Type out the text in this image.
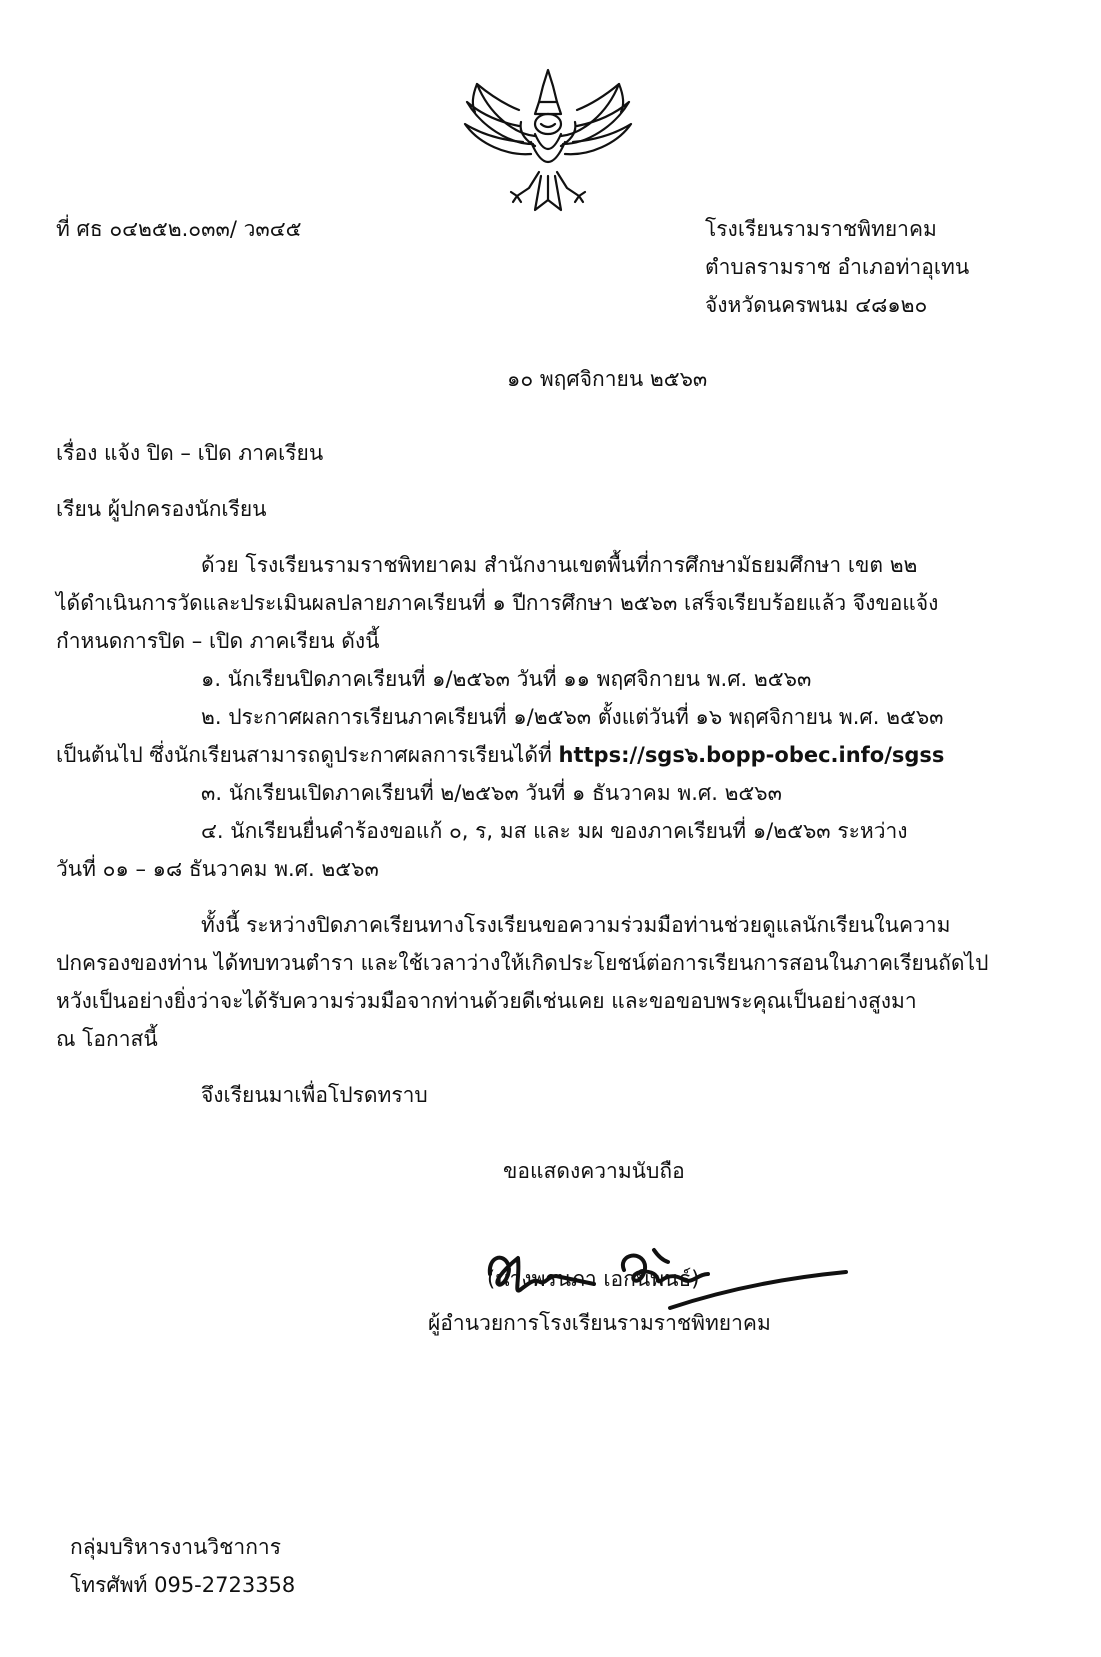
ที่ ศธ ๐๔๒๕๒.๐๓๓/ ว๓๔๕	โรงเรียนรามราชพิทยาคม
ตำบลรามราช อำเภอท่าอุเทน
จังหวัดนครพนม ๔๘๑๒๐
๑๐ พฤศจิกายน ๒๕๖๓
เรื่อง แจ้ง ปิด – เปิด ภาคเรียน
เรียน ผู้ปกครองนักเรียน
ด้วย โรงเรียนรามราชพิทยาคม สำนักงานเขตพื้นที่การศึกษามัธยมศึกษา เขต ๒๒
ได้ดำเนินการวัดและประเมินผลปลายภาคเรียนที่ ๑ ปีการศึกษา ๒๕๖๓ เสร็จเรียบร้อยแล้ว จึงขอแจ้ง
กำหนดการปิด – เปิด ภาคเรียน ดังนี้
๑. นักเรียนปิดภาคเรียนที่ ๑/๒๕๖๓ วันที่ ๑๑ พฤศจิกายน พ.ศ. ๒๕๖๓
๒. ประกาศผลการเรียนภาคเรียนที่ ๑/๒๕๖๓ ตั้งแต่วันที่ ๑๖ พฤศจิกายน พ.ศ. ๒๕๖๓
เป็นต้นไป ซึ่งนักเรียนสามารถดูประกาศผลการเรียนได้ที่ https://sgs๖.bopp-obec.info/sgss
๓. นักเรียนเปิดภาคเรียนที่ ๒/๒๕๖๓ วันที่ ๑ ธันวาคม พ.ศ. ๒๕๖๓
๔. นักเรียนยื่นคำร้องขอแก้ ๐, ร, มส และ มผ ของภาคเรียนที่ ๑/๒๕๖๓ ระหว่าง
วันที่ ๐๑ – ๑๘ ธันวาคม พ.ศ. ๒๕๖๓
ทั้งนี้ ระหว่างปิดภาคเรียนทางโรงเรียนขอความร่วมมือท่านช่วยดูแลนักเรียนในความ
ปกครองของท่าน ได้ทบทวนตำรา และใช้เวลาว่างให้เกิดประโยชน์ต่อการเรียนการสอนในภาคเรียนถัดไป
หวังเป็นอย่างยิ่งว่าจะได้รับความร่วมมือจากท่านด้วยดีเช่นเคย และขอขอบพระคุณเป็นอย่างสูงมา
ณ โอกาสนี้
จึงเรียนมาเพื่อโปรดทราบ
ขอแสดงความนับถือ
(นางพรนภา เอกนิพนธ์)
ผู้อำนวยการโรงเรียนรามราชพิทยาคม
กลุ่มบริหารงานวิชาการ
โทรศัพท์ 095-2723358
